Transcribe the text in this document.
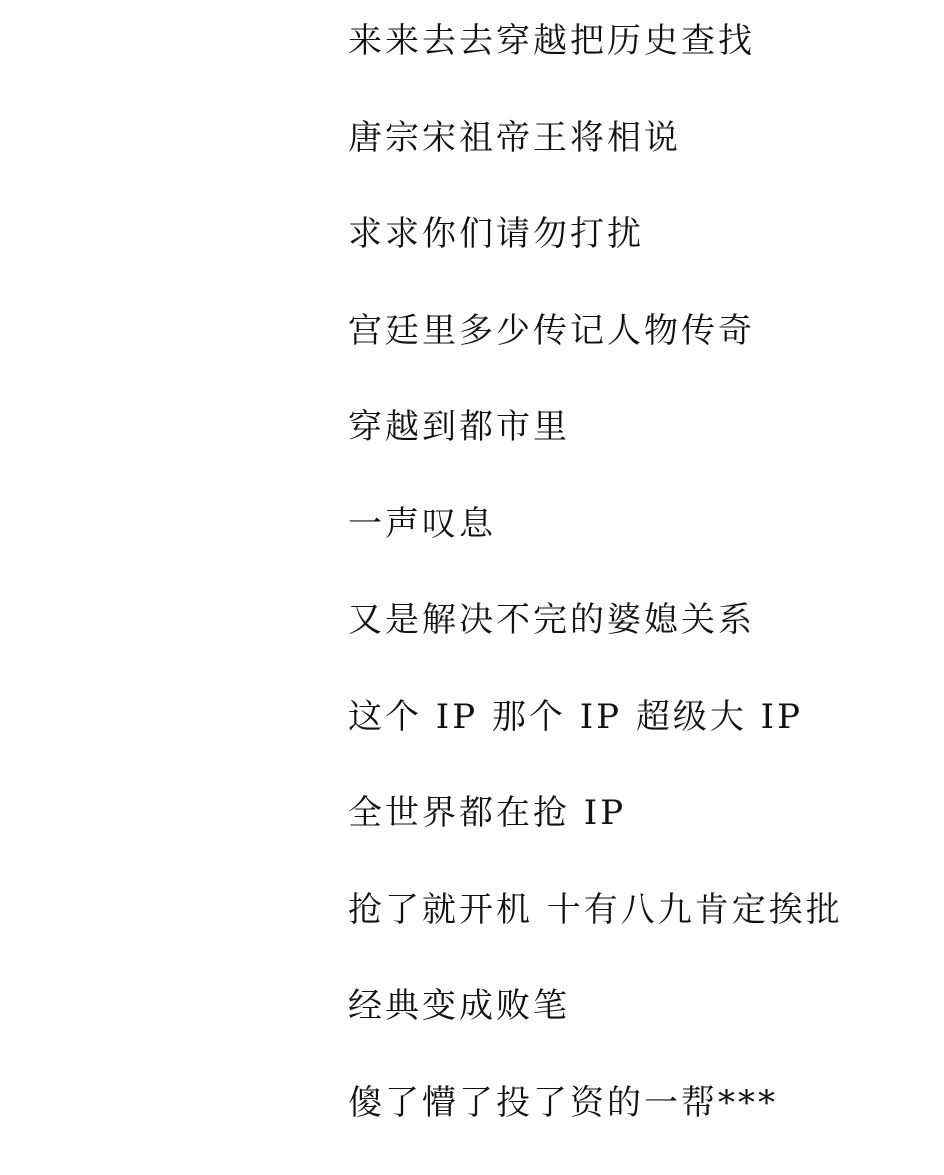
来来去去穿越把历史查找
唐宗宋祖帝王将相说
求求你们请勿打扰
宫廷里多少传记人物传奇
穿越到都市里
一声叹息
又是解决不完的婆媳关系
这个 IP 那个 IP 超级大 IP
全世界都在抢 IP
抢了就开机 十有八九肯定挨批
经典变成败笔
傻了懵了投了资的一帮***
